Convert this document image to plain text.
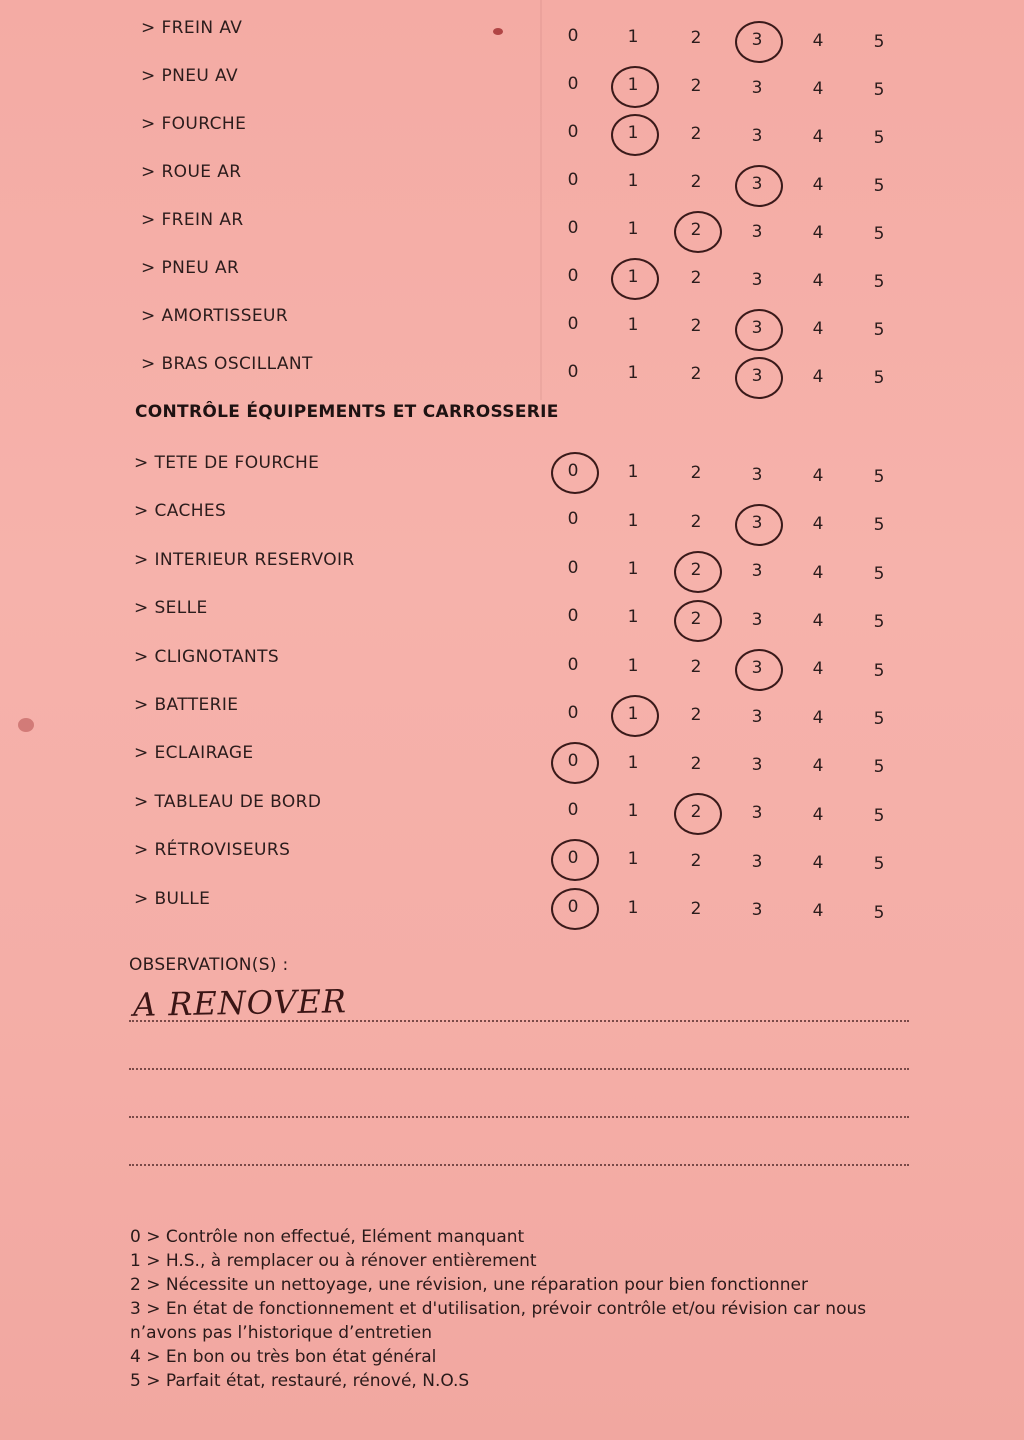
> FREIN AV	0	1	2	3	4	5
> PNEU AV	0	1	2	3	4	5
> FOURCHE	0	1	2	3	4	5
> ROUE AR	0	1	2	3	4	5
> FREIN AR	0	1	2	3	4	5
> PNEU AR	0	1	2	3	4	5
> AMORTISSEUR	0	1	2	3	4	5
> BRAS OSCILLANT	0	1	2	3	4	5
> TETE DE FOURCHE	0	1	2	3	4	5
> CACHES	0	1	2	3	4	5
> INTERIEUR RESERVOIR	0	1	2	3	4	5
> SELLE	0	1	2	3	4	5
> CLIGNOTANTS	0	1	2	3	4	5
> BATTERIE	0	1	2	3	4	5
> ECLAIRAGE	0	1	2	3	4	5
> TABLEAU DE BORD	0	1	2	3	4	5
> RÉTROVISEURS	0	1	2	3	4	5
> BULLE	0	1	2	3	4	5
CONTRÔLE ÉQUIPEMENTS ET CARROSSERIE
OBSERVATION(S) :
A RENOVER
0 > Contrôle non effectué, Elément manquant
1 > H.S., à remplacer ou à rénover entièrement
2 > Nécessite un nettoyage, une révision, une réparation pour bien fonctionner
3 > En état de fonctionnement et d'utilisation, prévoir contrôle et/ou révision car nous n’avons pas l’historique d’entretien
4 > En bon ou très bon état général
5 > Parfait état, restauré, rénové, N.O.S
